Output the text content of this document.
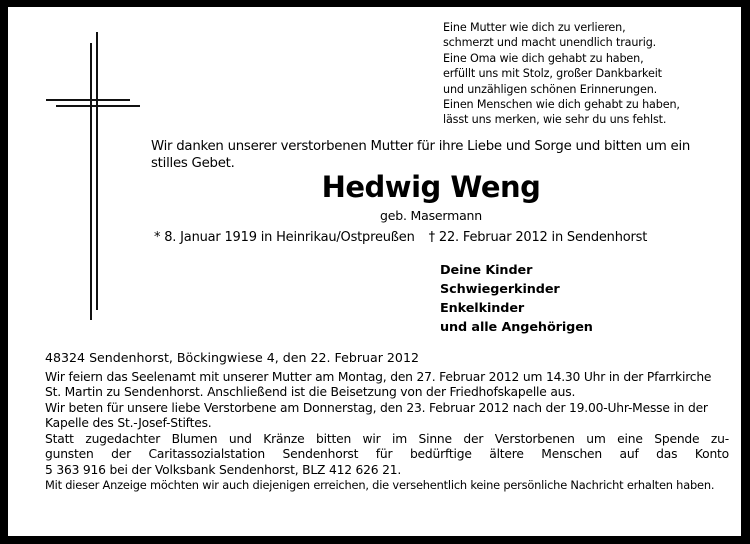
Eine Mutter wie dich zu verlieren,
schmerzt und macht unendlich traurig.
Eine Oma wie dich gehabt zu haben,
erfüllt uns mit Stolz, großer Dankbarkeit
und unzähligen schönen Erinnerungen.
Einen Menschen wie dich gehabt zu haben,
lässt uns merken, wie sehr du uns fehlst.
Wir danken unserer verstorbenen Mutter für ihre Liebe und Sorge und bitten um ein stilles Gebet.
Hedwig Weng
geb. Masermann
* 8. Januar 1919 in Heinrikau/Ostpreußen † 22. Februar 2012 in Sendenhorst
Deine Kinder
Schwiegerkinder
Enkelkinder
und alle Angehörigen

48324 Sendenhorst, Böckingwiese 4, den 22. Februar 2012

Wir feiern das Seelenamt mit unserer Mutter am Montag, den 27. Februar 2012 um 14.30 Uhr in der Pfarrkirche St. Martin zu Sendenhorst. Anschließend ist die Beisetzung von der Friedhofskapelle aus.

Wir beten für unsere liebe Verstorbene am Donnerstag, den 23. Februar 2012 nach der 19.00-Uhr-Messe in der Kapelle des St.-Josef-Stiftes.

Statt zugedachter Blumen und Kränze bitten wir im Sinne der Verstorbenen um eine Spende zu-

gunsten der Caritassozialstation Sendenhorst für bedürftige ältere Menschen auf das Konto

5 363 916 bei der Volksbank Sendenhorst, BLZ 412 626 21.

Mit dieser Anzeige möchten wir auch diejenigen erreichen, die versehentlich keine persönliche Nachricht erhalten haben.
